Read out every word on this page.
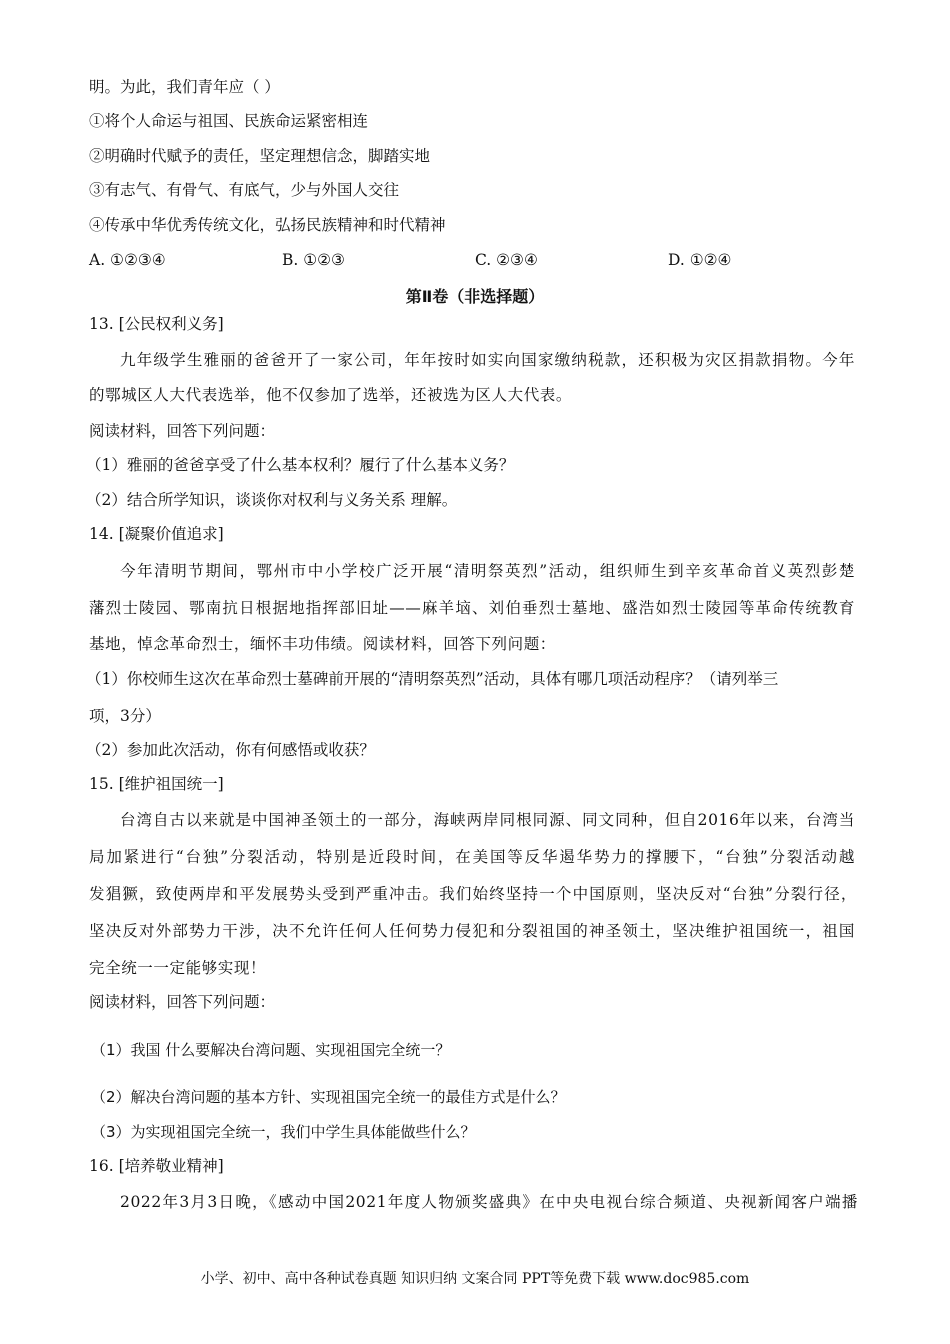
明。为此，我们青年应（ ）
①将个人命运与祖国、民族命运紧密相连
②明确时代赋予的责任，坚定理想信念，脚踏实地
③有志气、有骨气、有底气，少与外国人交往
④传承中华优秀传统文化，弘扬民族精神和时代精神
A. ①②③④	B. ①②③	C. ②③④	D. ①②④
第Ⅱ卷（非选择题）
13. [公民权利义务]
九年级学生雅丽的爸爸开了一家公司，年年按时如实向国家缴纳税款，还积极为灾区捐款捐物。今年
的鄂城区人大代表选举，他不仅参加了选举，还被选为区人大代表。
阅读材料，回答下列问题：
（1）雅丽的爸爸享受了什么基本权利？履行了什么基本义务？
（2）结合所学知识，谈谈你对权利与义务关系 理解。
14. [凝聚价值追求]
今年清明节期间，鄂州市中小学校广泛开展“清明祭英烈”活动，组织师生到辛亥革命首义英烈彭楚
藩烈士陵园、鄂南抗日根据地指挥部旧址——麻羊垴、刘伯垂烈士墓地、盛浩如烈士陵园等革命传统教育
基地，悼念革命烈士，缅怀丰功伟绩。阅读材料，回答下列问题：
（1）你校师生这次在革命烈士墓碑前开展的“清明祭英烈”活动，具体有哪几项活动程序？（请列举三
项，3分）
（2）参加此次活动，你有何感悟或收获？
15. [维护祖国统一]
台湾自古以来就是中国神圣领土的一部分，海峡两岸同根同源、同文同种，但自2016年以来，台湾当
局加紧进行“台独”分裂活动，特别是近段时间，在美国等反华遏华势力的撑腰下，“台独”分裂活动越
发猖獗，致使两岸和平发展势头受到严重冲击。我们始终坚持一个中国原则，坚决反对“台独”分裂行径，
坚决反对外部势力干涉，决不允许任何人任何势力侵犯和分裂祖国的神圣领土，坚决维护祖国统一，祖国
完全统一一定能够实现！
阅读材料，回答下列问题：
（1）我国 什么要解决台湾问题、实现祖国完全统一？
（2）解决台湾问题的基本方针、实现祖国完全统一的最佳方式是什么？
（3）为实现祖国完全统一，我们中学生具体能做些什么？
16. [培养敬业精神]
2022年3月3日晚，《感动中国2021年度人物颁奖盛典》在中央电视台综合频道、央视新闻客户端播
小学、初中、高中各种试卷真题 知识归纳 文案合同 PPT等免费下载 www.doc985.com
